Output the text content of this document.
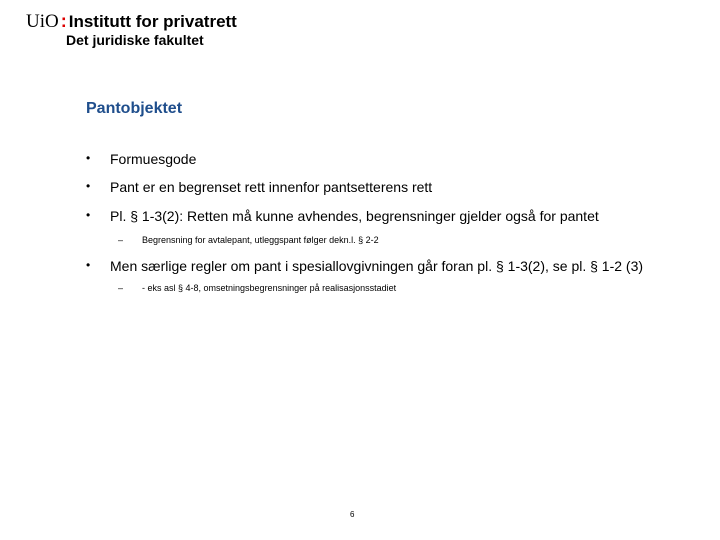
UiO : Institutt for privatrett
Det juridiske fakultet
Pantobjektet
• Formuesgode
• Pant er en begrenset rett innenfor pantsetterens rett
• Pl. § 1-3(2): Retten må kunne avhendes, begrensninger gjelder også for pantet
– Begrensning for avtalepant, utleggspant følger dekn.l. § 2-2
• Men særlige regler om pant i spesiallovgivningen går foran pl. § 1-3(2), se pl. § 1-2 (3)
– - eks asl § 4-8, omsetningsbegrensninger på realisasjonsstadiet
6
